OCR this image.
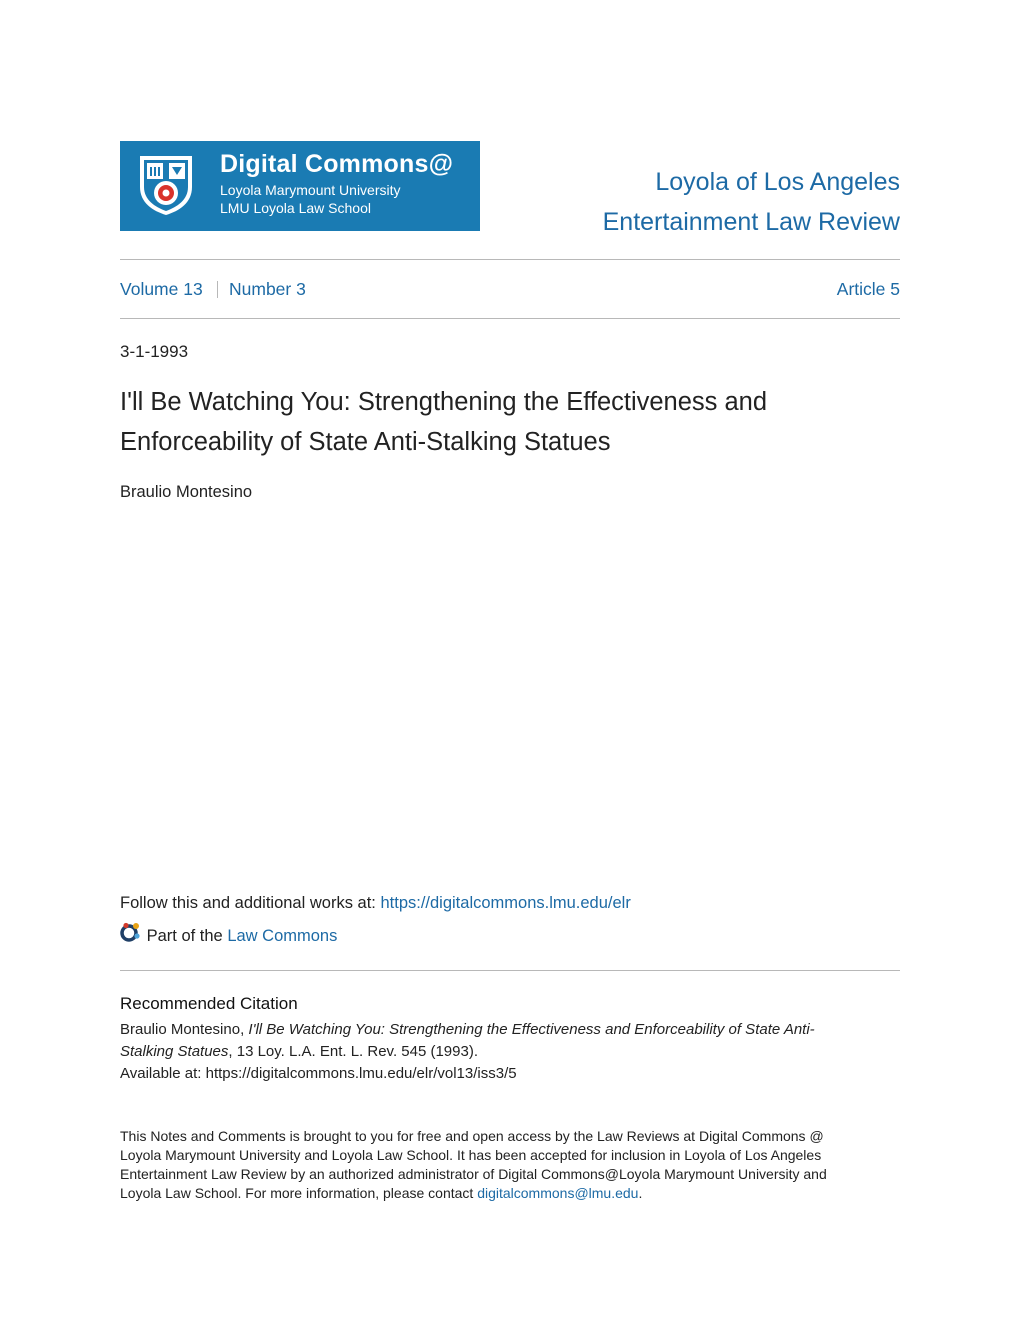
Digital Commons@
Loyola Marymount University
LMU Loyola Law School
Loyola of Los Angeles
Entertainment Law Review
Volume 13 Number 3	Article 5
3-1-1993
I'll Be Watching You: Strengthening the Effectiveness and
Enforceability of State Anti-Stalking Statues
Braulio Montesino
Follow this and additional works at: https://digitalcommons.lmu.edu/elr
Part of the Law Commons
Recommended Citation
Braulio Montesino, I'll Be Watching You: Strengthening the Effectiveness and Enforceability of State Anti-
Stalking Statues, 13 Loy. L.A. Ent. L. Rev. 545 (1993).
Available at: https://digitalcommons.lmu.edu/elr/vol13/iss3/5
This Notes and Comments is brought to you for free and open access by the Law Reviews at Digital Commons @
Loyola Marymount University and Loyola Law School. It has been accepted for inclusion in Loyola of Los Angeles
Entertainment Law Review by an authorized administrator of Digital Commons@Loyola Marymount University and
Loyola Law School. For more information, please contact digitalcommons@lmu.edu.
